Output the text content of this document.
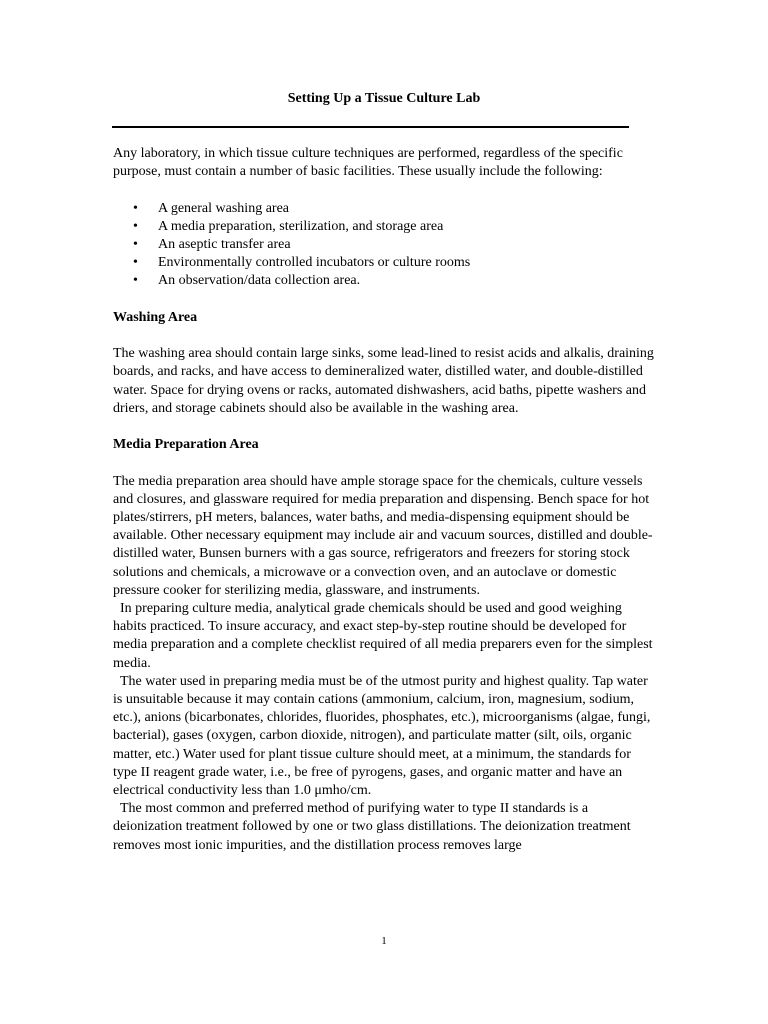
Setting Up a Tissue Culture Lab

Any laboratory, in which tissue culture techniques are performed, regardless of the specific purpose, must contain a number of basic facilities. These usually include the following:

• A general washing area
• A media preparation, sterilization, and storage area
• An aseptic transfer area
• Environmentally controlled incubators or culture rooms
• An observation/data collection area.

Washing Area

The washing area should contain large sinks, some lead-lined to resist acids and alkalis, draining boards, and racks, and have access to demineralized water, distilled water, and double-distilled water. Space for drying ovens or racks, automated dishwashers, acid baths, pipette washers and driers, and storage cabinets should also be available in the washing area.

Media Preparation Area

The media preparation area should have ample storage space for the chemicals, culture vessels and closures, and glassware required for media preparation and dispensing. Bench space for hot plates/stirrers, pH meters, balances, water baths, and media-dispensing equipment should be available. Other necessary equipment may include air and vacuum sources, distilled and double-distilled water, Bunsen burners with a gas source, refrigerators and freezers for storing stock solutions and chemicals, a microwave or a convection oven, and an autoclave or domestic pressure cooker for sterilizing media, glassware, and instruments.

In preparing culture media, analytical grade chemicals should be used and good weighing habits practiced. To insure accuracy, and exact step-by-step routine should be developed for media preparation and a complete checklist required of all media preparers even for the simplest media.

The water used in preparing media must be of the utmost purity and highest quality. Tap water is unsuitable because it may contain cations (ammonium, calcium, iron, magnesium, sodium, etc.), anions (bicarbonates, chlorides, fluorides, phosphates, etc.), microorganisms (algae, fungi, bacterial), gases (oxygen, carbon dioxide, nitrogen), and particulate matter (silt, oils, organic matter, etc.) Water used for plant tissue culture should meet, at a minimum, the standards for type II reagent grade water, i.e., be free of pyrogens, gases, and organic matter and have an electrical conductivity less than 1.0 μmho/cm.

The most common and preferred method of purifying water to type II standards is a deionization treatment followed by one or two glass distillations. The deionization treatment removes most ionic impurities, and the distillation process removes large

1
